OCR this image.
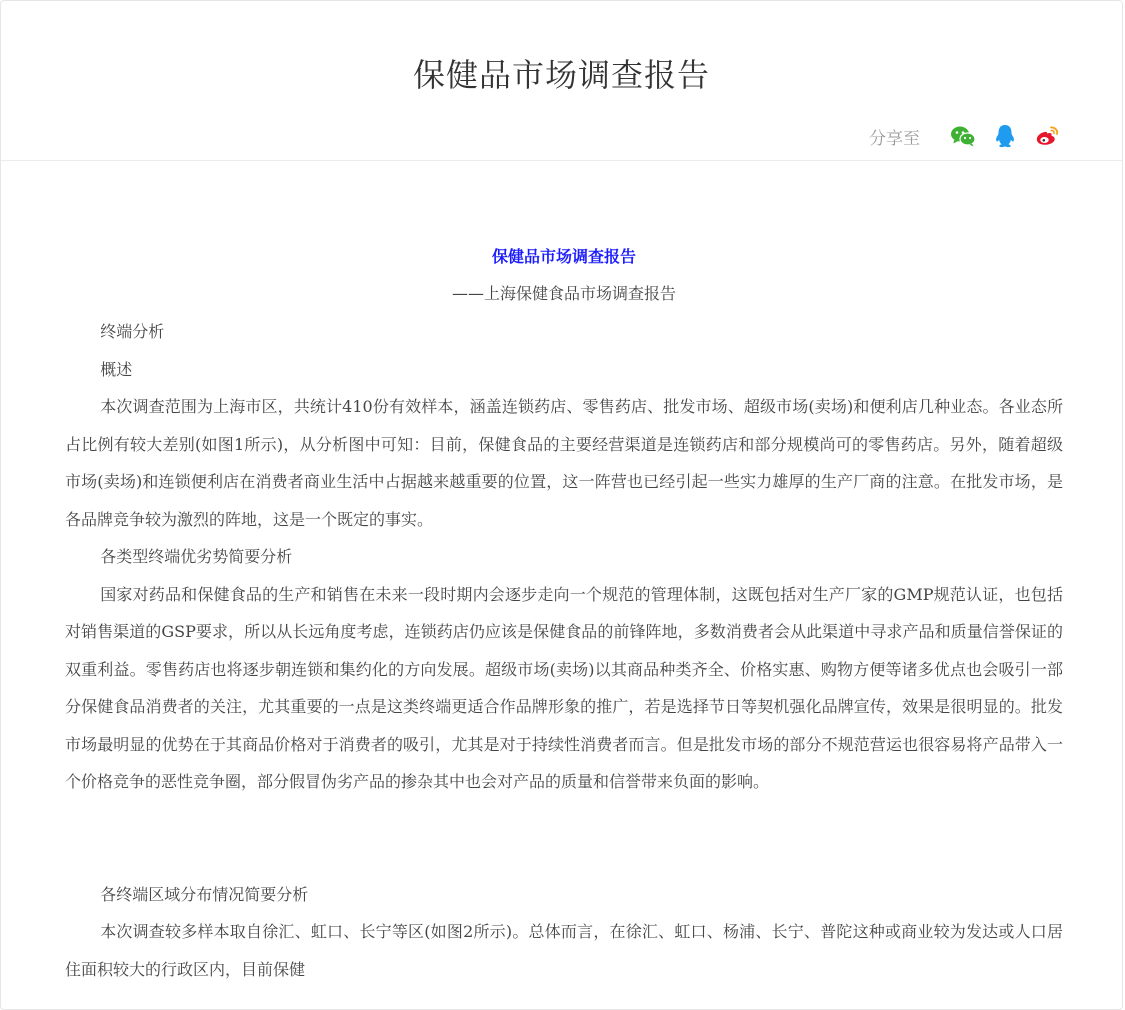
保健品市场调查报告
分享至

保健品市场调查报告

——上海保健食品市场调查报告

终端分析

概述

本次调查范围为上海市区，共统计410份有效样本，涵盖连锁药店、零售药店、批发市场、超级市场(卖场)和便利店几种业态。各业态所占比例有较大差别(如图1所示)，从分析图中可知：目前，保健食品的主要经营渠道是连锁药店和部分规模尚可的零售药店。另外，随着超级市场(卖场)和连锁便利店在消费者商业生活中占据越来越重要的位置，这一阵营也已经引起一些实力雄厚的生产厂商的注意。在批发市场，是各品牌竞争较为激烈的阵地，这是一个既定的事实。

各类型终端优劣势简要分析

国家对药品和保健食品的生产和销售在未来一段时期内会逐步走向一个规范的管理体制，这既包括对生产厂家的GMP规范认证，也包括对销售渠道的GSP要求，所以从长远角度考虑，连锁药店仍应该是保健食品的前锋阵地，多数消费者会从此渠道中寻求产品和质量信誉保证的双重利益。零售药店也将逐步朝连锁和集约化的方向发展。超级市场(卖场)以其商品种类齐全、价格实惠、购物方便等诸多优点也会吸引一部分保健食品消费者的关注，尤其重要的一点是这类终端更适合作品牌形象的推广，若是选择节日等契机强化品牌宣传，效果是很明显的。批发市场最明显的优势在于其商品价格对于消费者的吸引，尤其是对于持续性消费者而言。但是批发市场的部分不规范营运也很容易将产品带入一个价格竞争的恶性竞争圈，部分假冒伪劣产品的掺杂其中也会对产品的质量和信誉带来负面的影响。

各终端区域分布情况简要分析

本次调查较多样本取自徐汇、虹口、长宁等区(如图2所示)。总体而言，在徐汇、虹口、杨浦、长宁、普陀这种或商业较为发达或人口居住面积较大的行政区内，目前保健
